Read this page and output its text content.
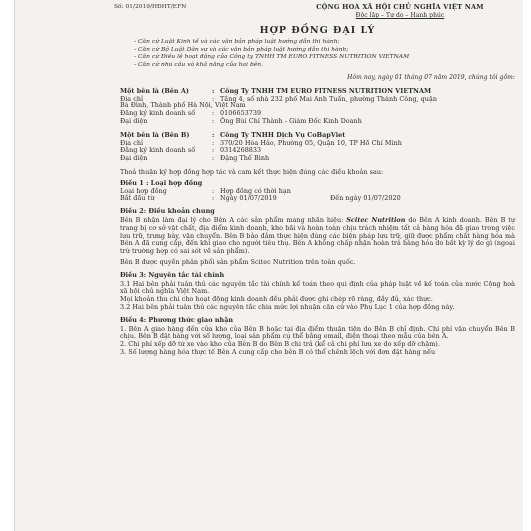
Số: 01/2019/HĐHT/EFN	CỘNG HOÀ XÃ HỘI CHỦ NGHĨA VIỆT NAM
Độc lập – Tự do – Hạnh phúc
HỢP ĐỒNG ĐẠI LÝ
- Căn cứ Luật Kinh tế và các văn bản pháp luật hướng dẫn thi hành;
- Căn cứ Bộ Luật Dân sự và các văn bản pháp luật hướng dẫn thi hành;
- Căn cứ Điều lệ hoạt động của Công ty TNHH TM EURO FITNESS NUTRITION VIETNAM
- Căn cứ nhu cầu và khả năng của hai bên.
Hôm nay, ngày 01 tháng 07 năm 2019, chúng tôi gồm:
Một bên là (Bên A)	: Công Ty TNHH TM EURO FITNESS NUTRITION VIETNAM
Địa chỉ	: Tầng 4, số nhà 232 phố Mai Anh Tuấn, phường Thành Công, quận
Ba Đình, Thành phố Hà Nội, Việt Nam
Đăng ký kinh doanh số	: 0106653739
Đại diện	: Ông Bùi Chí Thành - Giám Đốc Kinh Doanh
Một bên là (Bên B)	: Công Ty TNHH Dịch Vụ CoBapViet
Địa chỉ	: 370/20 Hòa Hảo, Phường 05, Quận 10, TP Hồ Chí Minh
Đăng ký kinh doanh số	: 0314268833
Đại diện	: Đặng Thế Bình
Thoả thuận ký hợp đồng hợp tác và cam kết thực hiện đúng các điều khoản sau:
Điều 1 : Loại hợp đồng
Loại hợp đồng	: Hợp đồng có thời hạn
Bắt đầu từ	: Ngày 01/07/2019	Đến ngày 01/07/2020
Điều 2: Điều khoản chung
Bên B nhận làm đại lý cho Bên A các sản phẩm mang nhãn hiệu: Scitec Nutrition do Bên A kinh doanh. Bên B tự trang bị cơ sở vật chất, địa điểm kinh doanh, kho bãi và hoàn toàn chịu trách nhiệm tất cả hàng hóa đã giao trong việc lưu trữ, trưng bày, vận chuyển. Bên B bảo đảm thực hiện đúng các biện pháp lưu trữ, giữ được phẩm chất hàng hóa mà Bên A đã cung cấp, đến khi giao cho người tiêu thụ. Bên A không chấp nhận hoàn trả hàng hóa do bất kỳ lý do gì (ngoại trừ trường hợp có sai sót về sản phẩm).
Bên B được quyền phân phối sản phẩm Scitec Nutrition trên toàn quốc.
Điều 3: Nguyên tắc tài chính
3.1 Hai bên phải tuân thủ các nguyên tắc tài chính kế toán theo qui định của pháp luật về kế toán của nước Cộng hoà xã hội chủ nghĩa Việt Nam.
Mọi khoản thu chi cho hoạt động kinh doanh đều phải được ghi chép rõ ràng, đầy đủ, xác thực.
3.2 Hai bên phải tuân thủ các nguyên tắc chia mức lợi nhuận căn cứ vào Phụ Lục 1 của hợp đồng này.
Điều 4: Phương thức giao nhận
1. Bên A giao hàng đến cửa kho của Bên B hoặc tại địa điểm thuận tiện do Bên B chỉ định. Chi phí vận chuyển Bên B chịu. Bên B đặt hàng với số lượng, loại sản phẩm cụ thể bằng email, điện thoại theo mẫu của bên A.
2. Chi phí xếp dỡ từ xe vào kho của Bên B do Bên B chi trả (kể cả chi phí lưu xe do xếp dỡ chậm).
3. Số lượng hàng hóa thực tế Bên A cung cấp cho bên B có thể chênh lệch với đơn đặt hàng nếu
